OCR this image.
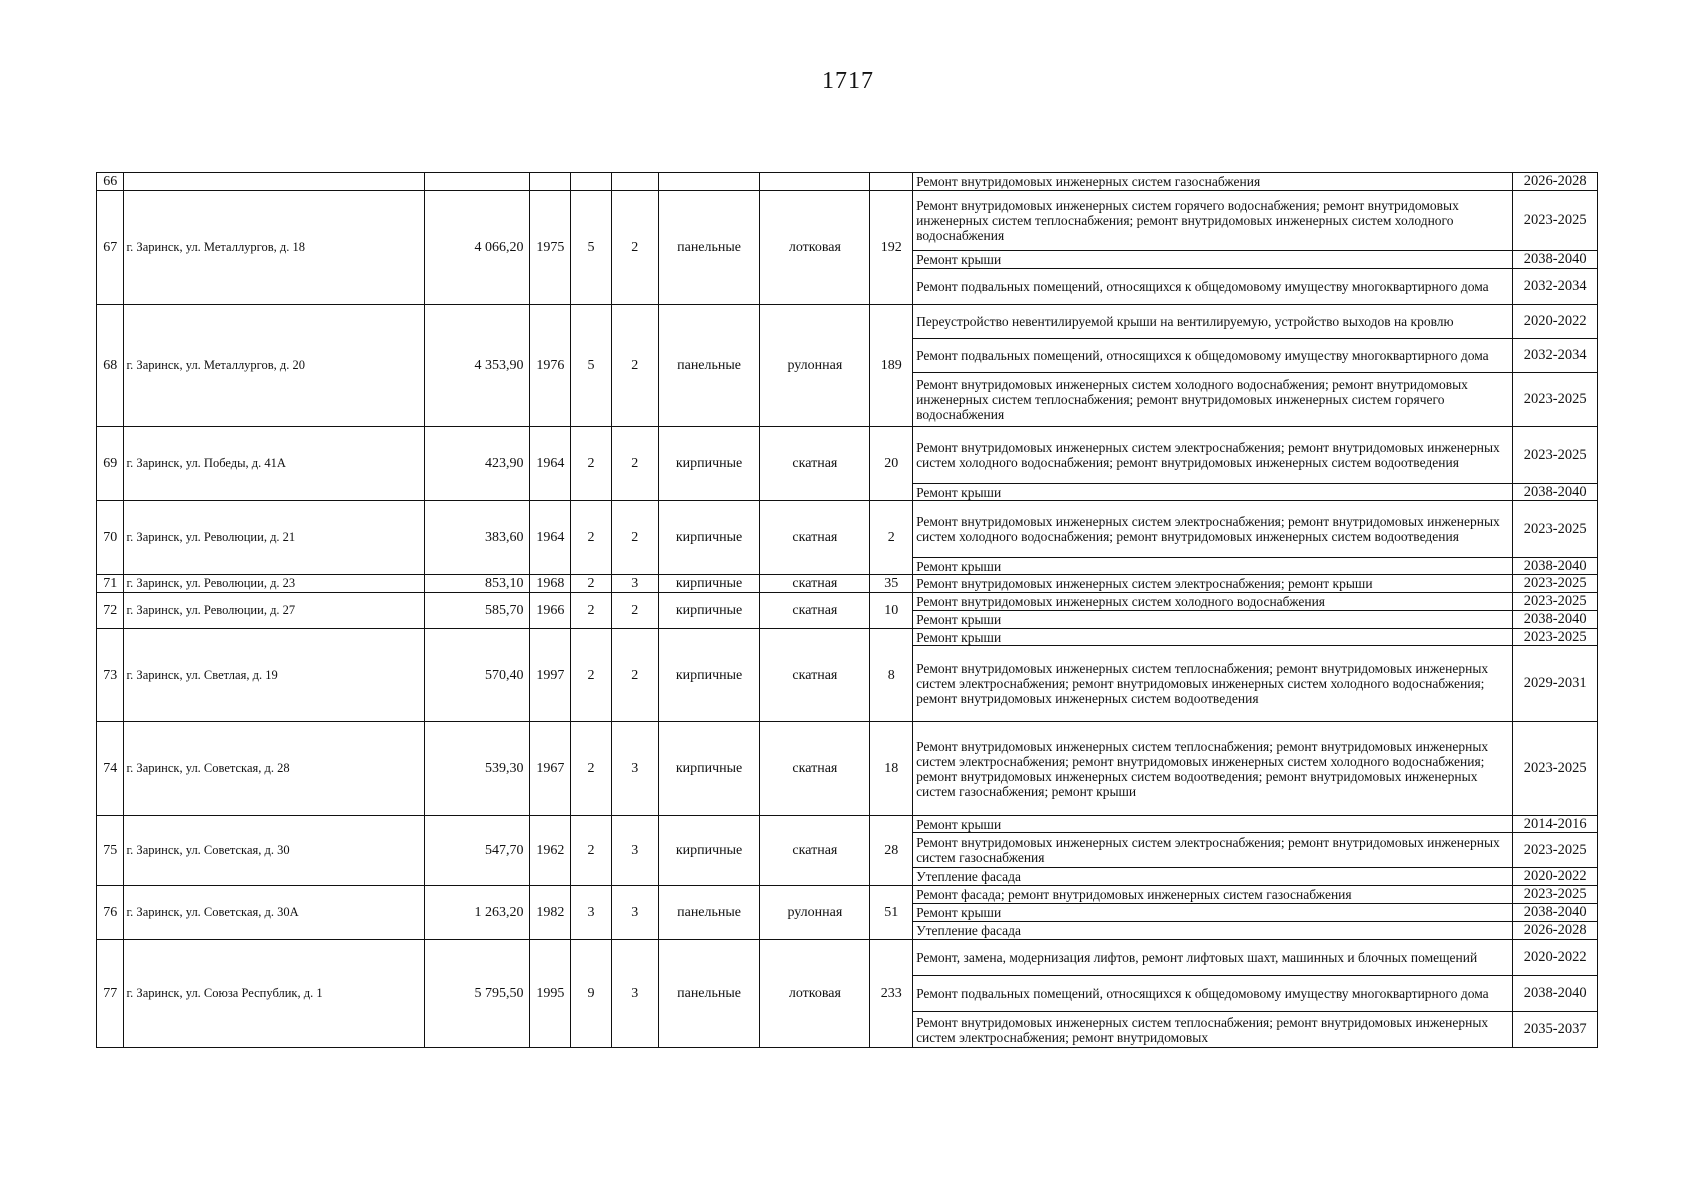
1717
66									Ремонт внутридомовых инженерных систем газоснабжения	2026-2028
67	г. Заринск, ул. Металлургов, д. 18	4 066,20	1975	5	2	панельные	лотковая	192	Ремонт внутридомовых инженерных систем горячего водоснабжения; ремонт внутридомовых инженерных систем теплоснабжения; ремонт внутридомовых инженерных систем холодного водоснабжения	2023-2025
									Ремонт крыши	2038-2040
									Ремонт подвальных помещений, относящихся к общедомовому имуществу многоквартирного дома	2032-2034
68	г. Заринск, ул. Металлургов, д. 20	4 353,90	1976	5	2	панельные	рулонная	189	Переустройство невентилируемой крыши на вентилируемую, устройство выходов на кровлю	2020-2022
									Ремонт подвальных помещений, относящихся к общедомовому имуществу многоквартирного дома	2032-2034
									Ремонт внутридомовых инженерных систем холодного водоснабжения; ремонт внутридомовых инженерных систем теплоснабжения; ремонт внутридомовых инженерных систем горячего водоснабжения	2023-2025
69	г. Заринск, ул. Победы, д. 41А	423,90	1964	2	2	кирпичные	скатная	20	Ремонт внутридомовых инженерных систем электроснабжения; ремонт внутридомовых инженерных систем холодного водоснабжения; ремонт внутридомовых инженерных систем водоотведения	2023-2025
									Ремонт крыши	2038-2040
70	г. Заринск, ул. Революции, д. 21	383,60	1964	2	2	кирпичные	скатная	2	Ремонт внутридомовых инженерных систем электроснабжения; ремонт внутридомовых инженерных систем холодного водоснабжения; ремонт внутридомовых инженерных систем водоотведения	2023-2025
									Ремонт крыши	2038-2040
71	г. Заринск, ул. Революции, д. 23	853,10	1968	2	3	кирпичные	скатная	35	Ремонт внутридомовых инженерных систем электроснабжения; ремонт крыши	2023-2025
72	г. Заринск, ул. Революции, д. 27	585,70	1966	2	2	кирпичные	скатная	10	Ремонт внутридомовых инженерных систем холодного водоснабжения	2023-2025
									Ремонт крыши	2038-2040
73	г. Заринск, ул. Светлая, д. 19	570,40	1997	2	2	кирпичные	скатная	8	Ремонт крыши	2023-2025
									Ремонт внутридомовых инженерных систем теплоснабжения; ремонт внутридомовых инженерных систем электроснабжения; ремонт внутридомовых инженерных систем холодного водоснабжения; ремонт внутридомовых инженерных систем водоотведения	2029-2031
74	г. Заринск, ул. Советская, д. 28	539,30	1967	2	3	кирпичные	скатная	18	Ремонт внутридомовых инженерных систем теплоснабжения; ремонт внутридомовых инженерных систем электроснабжения; ремонт внутридомовых инженерных систем холодного водоснабжения; ремонт внутридомовых инженерных систем водоотведения; ремонт внутридомовых инженерных систем газоснабжения; ремонт крыши	2023-2025
75	г. Заринск, ул. Советская, д. 30	547,70	1962	2	3	кирпичные	скатная	28	Ремонт крыши	2014-2016
									Ремонт внутридомовых инженерных систем электроснабжения; ремонт внутридомовых инженерных систем газоснабжения	2023-2025
									Утепление фасада	2020-2022
76	г. Заринск, ул. Советская, д. 30А	1 263,20	1982	3	3	панельные	рулонная	51	Ремонт фасада; ремонт внутридомовых инженерных систем газоснабжения	2023-2025
									Ремонт крыши	2038-2040
									Утепление фасада	2026-2028
77	г. Заринск, ул. Союза Республик, д. 1	5 795,50	1995	9	3	панельные	лотковая	233	Ремонт, замена, модернизация лифтов, ремонт лифтовых шахт, машинных и блочных помещений	2020-2022
									Ремонт подвальных помещений, относящихся к общедомовому имуществу многоквартирного дома	2038-2040
									Ремонт внутридомовых инженерных систем теплоснабжения; ремонт внутридомовых инженерных систем электроснабжения; ремонт внутридомовых	2035-2037
